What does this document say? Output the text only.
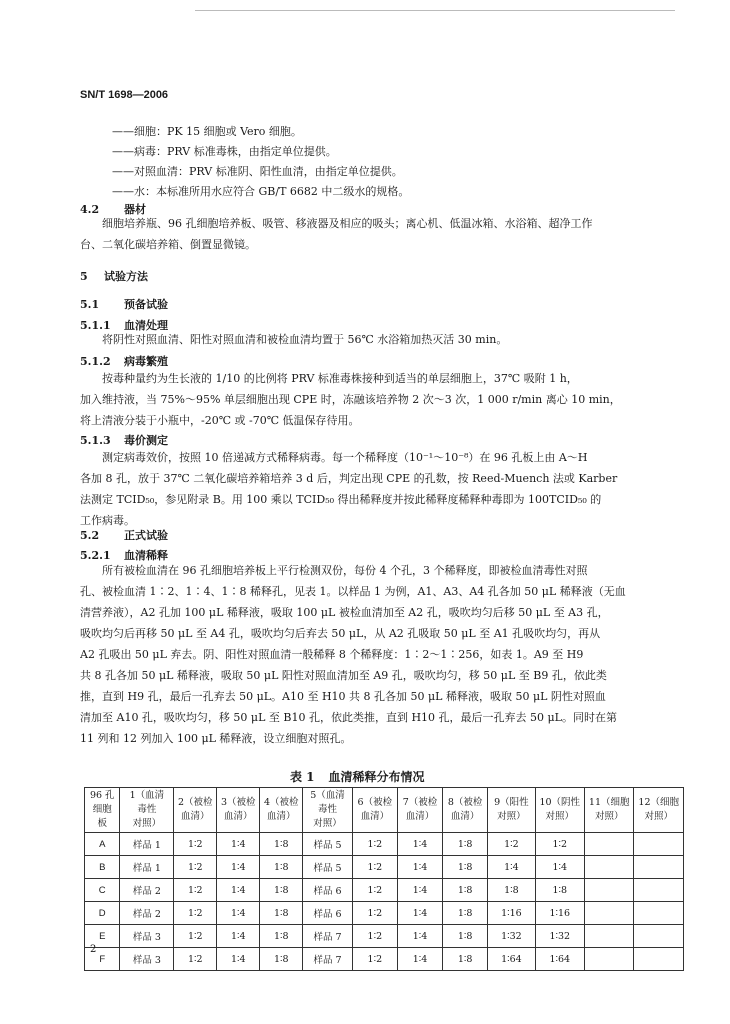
SN/T 1698—2006
——细胞：PK 15 细胞或 Vero 细胞。
——病毒：PRV 标准毒株，由指定单位提供。
——对照血清：PRV 标准阴、阳性血清，由指定单位提供。
——水：本标准所用水应符合 GB/T 6682 中二级水的规格。
4.2 器材
细胞培养瓶、96 孔细胞培养板、吸管、移液器及相应的吸头；离心机、低温冰箱、水浴箱、超净工作
台、二氧化碳培养箱、倒置显微镜。
5 试验方法
5.1 预备试验
5.1.1 血清处理
将阴性对照血清、阳性对照血清和被检血清均置于 56℃ 水浴箱加热灭活 30 min。
5.1.2 病毒繁殖
按毒种量约为生长液的 1/10 的比例将 PRV 标准毒株接种到适当的单层细胞上，37℃ 吸附 1 h，
加入维持液，当 75%～95% 单层细胞出现 CPE 时，冻融该培养物 2 次～3 次，1 000 r/min 离心 10 min，
将上清液分装于小瓶中，-20℃ 或 -70℃ 低温保存待用。
5.1.3 毒价测定
测定病毒效价，按照 10 倍递减方式稀释病毒。每一个稀释度（10⁻¹～10⁻⁸）在 96 孔板上由 A～H
各加 8 孔，放于 37℃ 二氧化碳培养箱培养 3 d 后，判定出现 CPE 的孔数，按 Reed-Muench 法或 Karber
法测定 TCID₅₀，参见附录 B。用 100 乘以 TCID₅₀ 得出稀释度并按此稀释度稀释种毒即为 100TCID₅₀ 的
工作病毒。
5.2 正式试验
5.2.1 血清稀释
所有被检血清在 96 孔细胞培养板上平行检测双份，每份 4 个孔，3 个稀释度，即被检血清毒性对照
孔、被检血清 1∶2、1∶4、1∶8 稀释孔，见表 1。以样品 1 为例，A1、A3、A4 孔各加 50 μL 稀释液（无血
清营养液），A2 孔加 100 μL 稀释液，吸取 100 μL 被检血清加至 A2 孔，吸吹均匀后移 50 μL 至 A3 孔，
吸吹均匀后再移 50 μL 至 A4 孔，吸吹均匀后弃去 50 μL，从 A2 孔吸取 50 μL 至 A1 孔吸吹均匀，再从
A2 孔吸出 50 μL 弃去。阴、阳性对照血清一般稀释 8 个稀释度：1∶2～1∶256，如表 1。A9 至 H9
共 8 孔各加 50 μL 稀释液，吸取 50 μL 阳性对照血清加至 A9 孔，吸吹均匀，移 50 μL 至 B9 孔，依此类
推，直到 H9 孔，最后一孔弃去 50 μL。A10 至 H10 共 8 孔各加 50 μL 稀释液，吸取 50 μL 阴性对照血
清加至 A10 孔，吸吹均匀，移 50 μL 至 B10 孔，依此类推，直到 H10 孔，最后一孔弃去 50 μL。同时在第
11 列和 12 列加入 100 μL 稀释液，设立细胞对照孔。
表 1 血清稀释分布情况
96 孔
细胞
板	1（血清
毒性
对照）	2（被检
血清）	3（被检
血清）	4（被检
血清）	5（血清
毒性
对照）	6（被检
血清）	7（被检
血清）	8（被检
血清）	9（阳性
对照）	10（阴性
对照）	11（细胞
对照）	12（细胞
对照）
A	样品 1	1∶2	1∶4	1∶8	样品 5	1∶2	1∶4	1∶8	1∶2	1∶2		
B	样品 1	1∶2	1∶4	1∶8	样品 5	1∶2	1∶4	1∶8	1∶4	1∶4		
C	样品 2	1∶2	1∶4	1∶8	样品 6	1∶2	1∶4	1∶8	1∶8	1∶8		
D	样品 2	1∶2	1∶4	1∶8	样品 6	1∶2	1∶4	1∶8	1∶16	1∶16		
E	样品 3	1∶2	1∶4	1∶8	样品 7	1∶2	1∶4	1∶8	1∶32	1∶32		
F	样品 3	1∶2	1∶4	1∶8	样品 7	1∶2	1∶4	1∶8	1∶64	1∶64		
2
